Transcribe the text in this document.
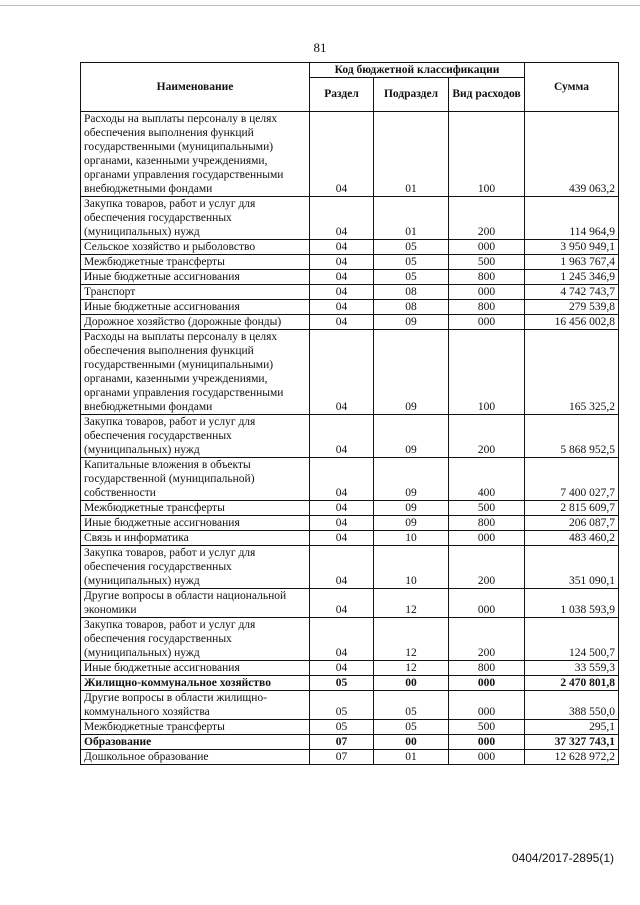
81
Наименование	Код бюджетной классификации			Сумма
	Раздел	Подраздел	Вид расходов	
Расходы на выплаты персоналу в целях обеспечения выполнения функций государственными (муниципальными) органами, казенными учреждениями, органами управления государственными внебюджетными фондами	04	01	100	439 063,2
Закупка товаров, работ и услуг для обеспечения государственных (муниципальных) нужд	04	01	200	114 964,9
Сельское хозяйство и рыболовство	04	05	000	3 950 949,1
Межбюджетные трансферты	04	05	500	1 963 767,4
Иные бюджетные ассигнования	04	05	800	1 245 346,9
Транспорт	04	08	000	4 742 743,7
Иные бюджетные ассигнования	04	08	800	279 539,8
Дорожное хозяйство (дорожные фонды)	04	09	000	16 456 002,8
Расходы на выплаты персоналу в целях обеспечения выполнения функций государственными (муниципальными) органами, казенными учреждениями, органами управления государственными внебюджетными фондами	04	09	100	165 325,2
Закупка товаров, работ и услуг для обеспечения государственных (муниципальных) нужд	04	09	200	5 868 952,5
Капитальные вложения в объекты государственной (муниципальной) собственности	04	09	400	7 400 027,7
Межбюджетные трансферты	04	09	500	2 815 609,7
Иные бюджетные ассигнования	04	09	800	206 087,7
Связь и информатика	04	10	000	483 460,2
Закупка товаров, работ и услуг для обеспечения государственных (муниципальных) нужд	04	10	200	351 090,1
Другие вопросы в области национальной экономики	04	12	000	1 038 593,9
Закупка товаров, работ и услуг для обеспечения государственных (муниципальных) нужд	04	12	200	124 500,7
Иные бюджетные ассигнования	04	12	800	33 559,3
Жилищно-коммунальное хозяйство	05	00	000	2 470 801,8
Другие вопросы в области жилищно-коммунального хозяйства	05	05	000	388 550,0
Межбюджетные трансферты	05	05	500	295,1
Образование	07	00	000	37 327 743,1
Дошкольное образование	07	01	000	12 628 972,2
0404/2017-2895(1)
